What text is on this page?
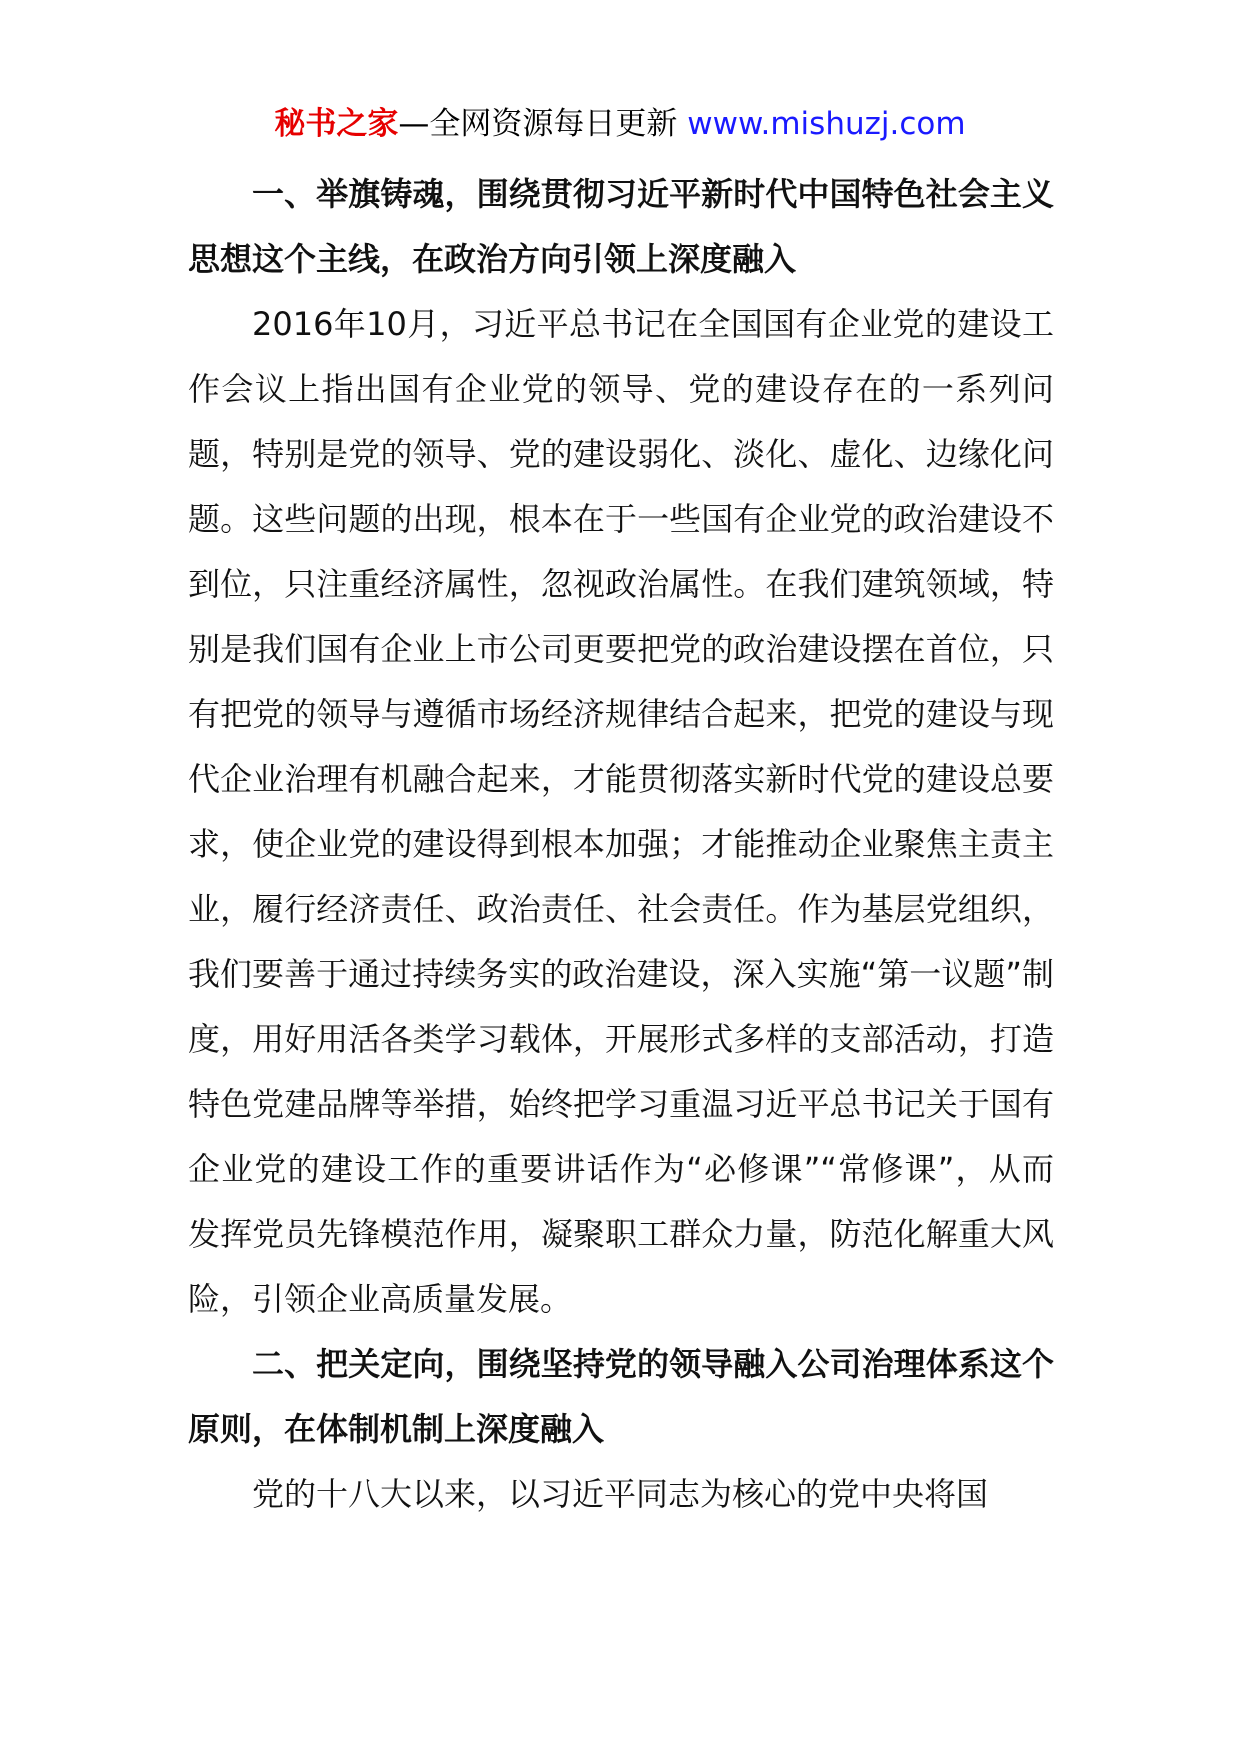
秘书之家—全网资源每日更新 www.mishuzj.com

一、举旗铸魂，围绕贯彻习近平新时代中国特色社会主义思想这个主线，在政治方向引领上深度融入

2016年10月，习近平总书记在全国国有企业党的建设工作会议上指出国有企业党的领导、党的建设存在的一系列问题，特别是党的领导、党的建设弱化、淡化、虚化、边缘化问题。这些问题的出现，根本在于一些国有企业党的政治建设不到位，只注重经济属性，忽视政治属性。在我们建筑领域，特别是我们国有企业上市公司更要把党的政治建设摆在首位，只有把党的领导与遵循市场经济规律结合起来，把党的建设与现代企业治理有机融合起来，才能贯彻落实新时代党的建设总要求，使企业党的建设得到根本加强；才能推动企业聚焦主责主业，履行经济责任、政治责任、社会责任。作为基层党组织，我们要善于通过持续务实的政治建设，深入实施“第一议题”制度，用好用活各类学习载体，开展形式多样的支部活动，打造特色党建品牌等举措，始终把学习重温习近平总书记关于国有企业党的建设工作的重要讲话作为“必修课”“常修课”，从而发挥党员先锋模范作用，凝聚职工群众力量，防范化解重大风险，引领企业高质量发展。

二、把关定向，围绕坚持党的领导融入公司治理体系这个原则，在体制机制上深度融入

党的十八大以来，以习近平同志为核心的党中央将国
